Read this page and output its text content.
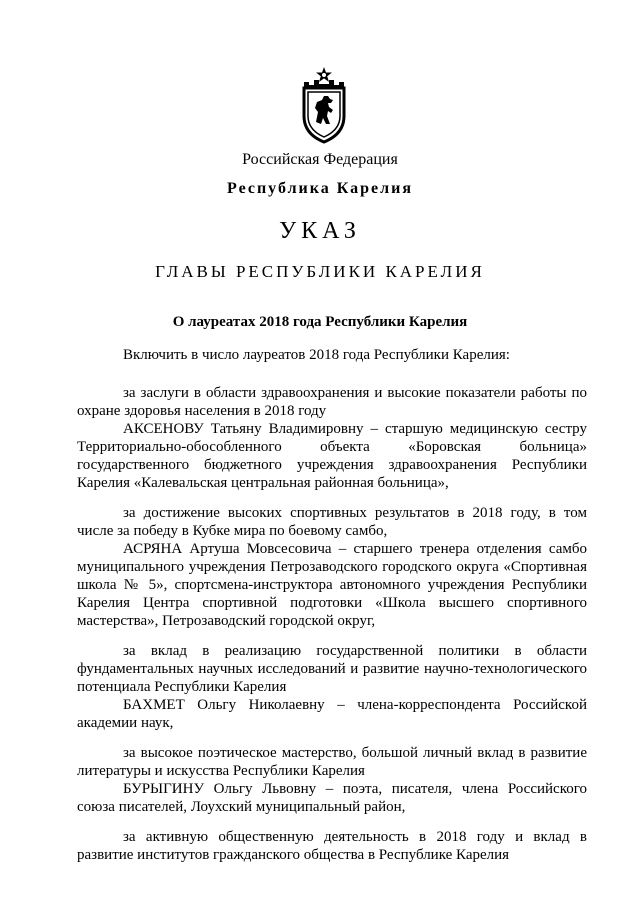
Российская Федерация
Республика Карелия
УКАЗ
ГЛАВЫ РЕСПУБЛИКИ КАРЕЛИЯ
О лауреатах 2018 года Республики Карелия

Включить в число лауреатов 2018 года Республики Карелия:

за заслуги в области здравоохранения и высокие показатели работы по охране здоровья населения в 2018 году

АКСЕНОВУ Татьяну Владимировну – старшую медицинскую сестру Территориально-обособленного объекта «Боровская больница» государственного бюджетного учреждения здравоохранения Республики Карелия «Калевальская центральная районная больница»,

за достижение высоких спортивных результатов в 2018 году, в том числе за победу в Кубке мира по боевому самбо,

АСРЯНА Артуша Мовсесовича – старшего тренера отделения самбо муниципального учреждения Петрозаводского городского округа «Спортивная школа № 5», спортсмена-инструктора автономного учреждения Республики Карелия Центра спортивной подготовки «Школа высшего спортивного мастерства», Петрозаводский городской округ,

за вклад в реализацию государственной политики в области фундаментальных научных исследований и развитие научно-технологического потенциала Республики Карелия

БАХМЕТ Ольгу Николаевну – члена-корреспондента Российской академии наук,

за высокое поэтическое мастерство, большой личный вклад в развитие литературы и искусства Республики Карелия

БУРЫГИНУ Ольгу Львовну – поэта, писателя, члена Российского союза писателей, Лоухский муниципальный район,

за активную общественную деятельность в 2018 году и вклад в развитие институтов гражданского общества в Республике Карелия
